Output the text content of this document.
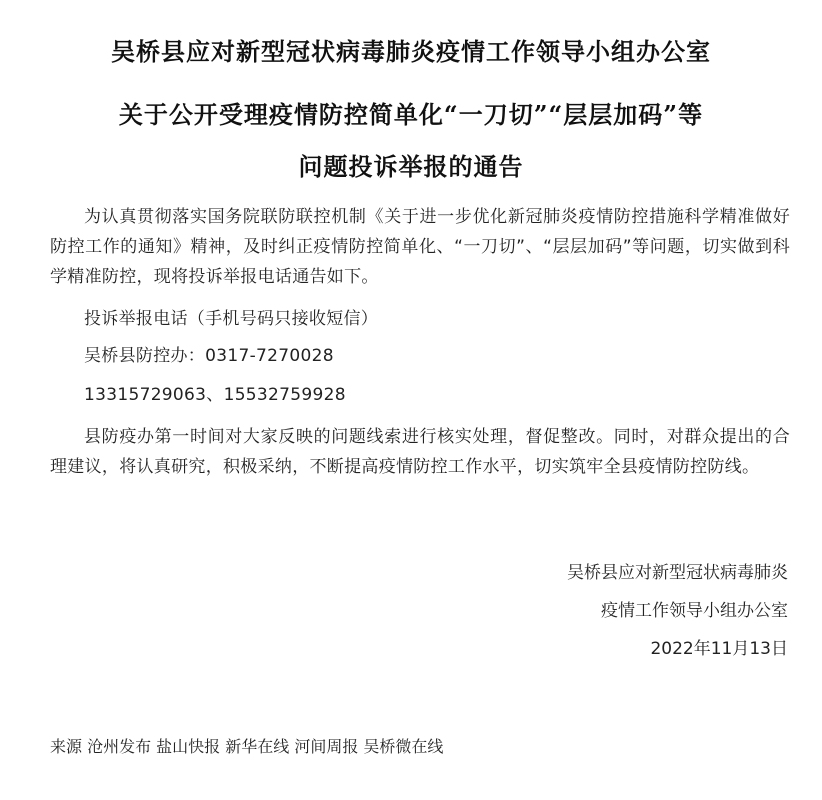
吴桥县应对新型冠状病毒肺炎疫情工作领导小组办公室
关于公开受理疫情防控简单化“一刀切”“层层加码”等
问题投诉举报的通告
为认真贯彻落实国务院联防联控机制《关于进一步优化新冠肺炎疫情防控措施科学精准做好防控工作的通知》精神，及时纠正疫情防控简单化、“一刀切”、“层层加码”等问题，切实做到科学精准防控，现将投诉举报电话通告如下。
投诉举报电话（手机号码只接收短信）
吴桥县防控办：0317-7270028
13315729063、15532759928
县防疫办第一时间对大家反映的问题线索进行核实处理，督促整改。同时，对群众提出的合理建议，将认真研究，积极采纳，不断提高疫情防控工作水平，切实筑牢全县疫情防控防线。
吴桥县应对新型冠状病毒肺炎
疫情工作领导小组办公室
2022年11月13日
来源 沧州发布 盐山快报 新华在线 河间周报 吴桥微在线
